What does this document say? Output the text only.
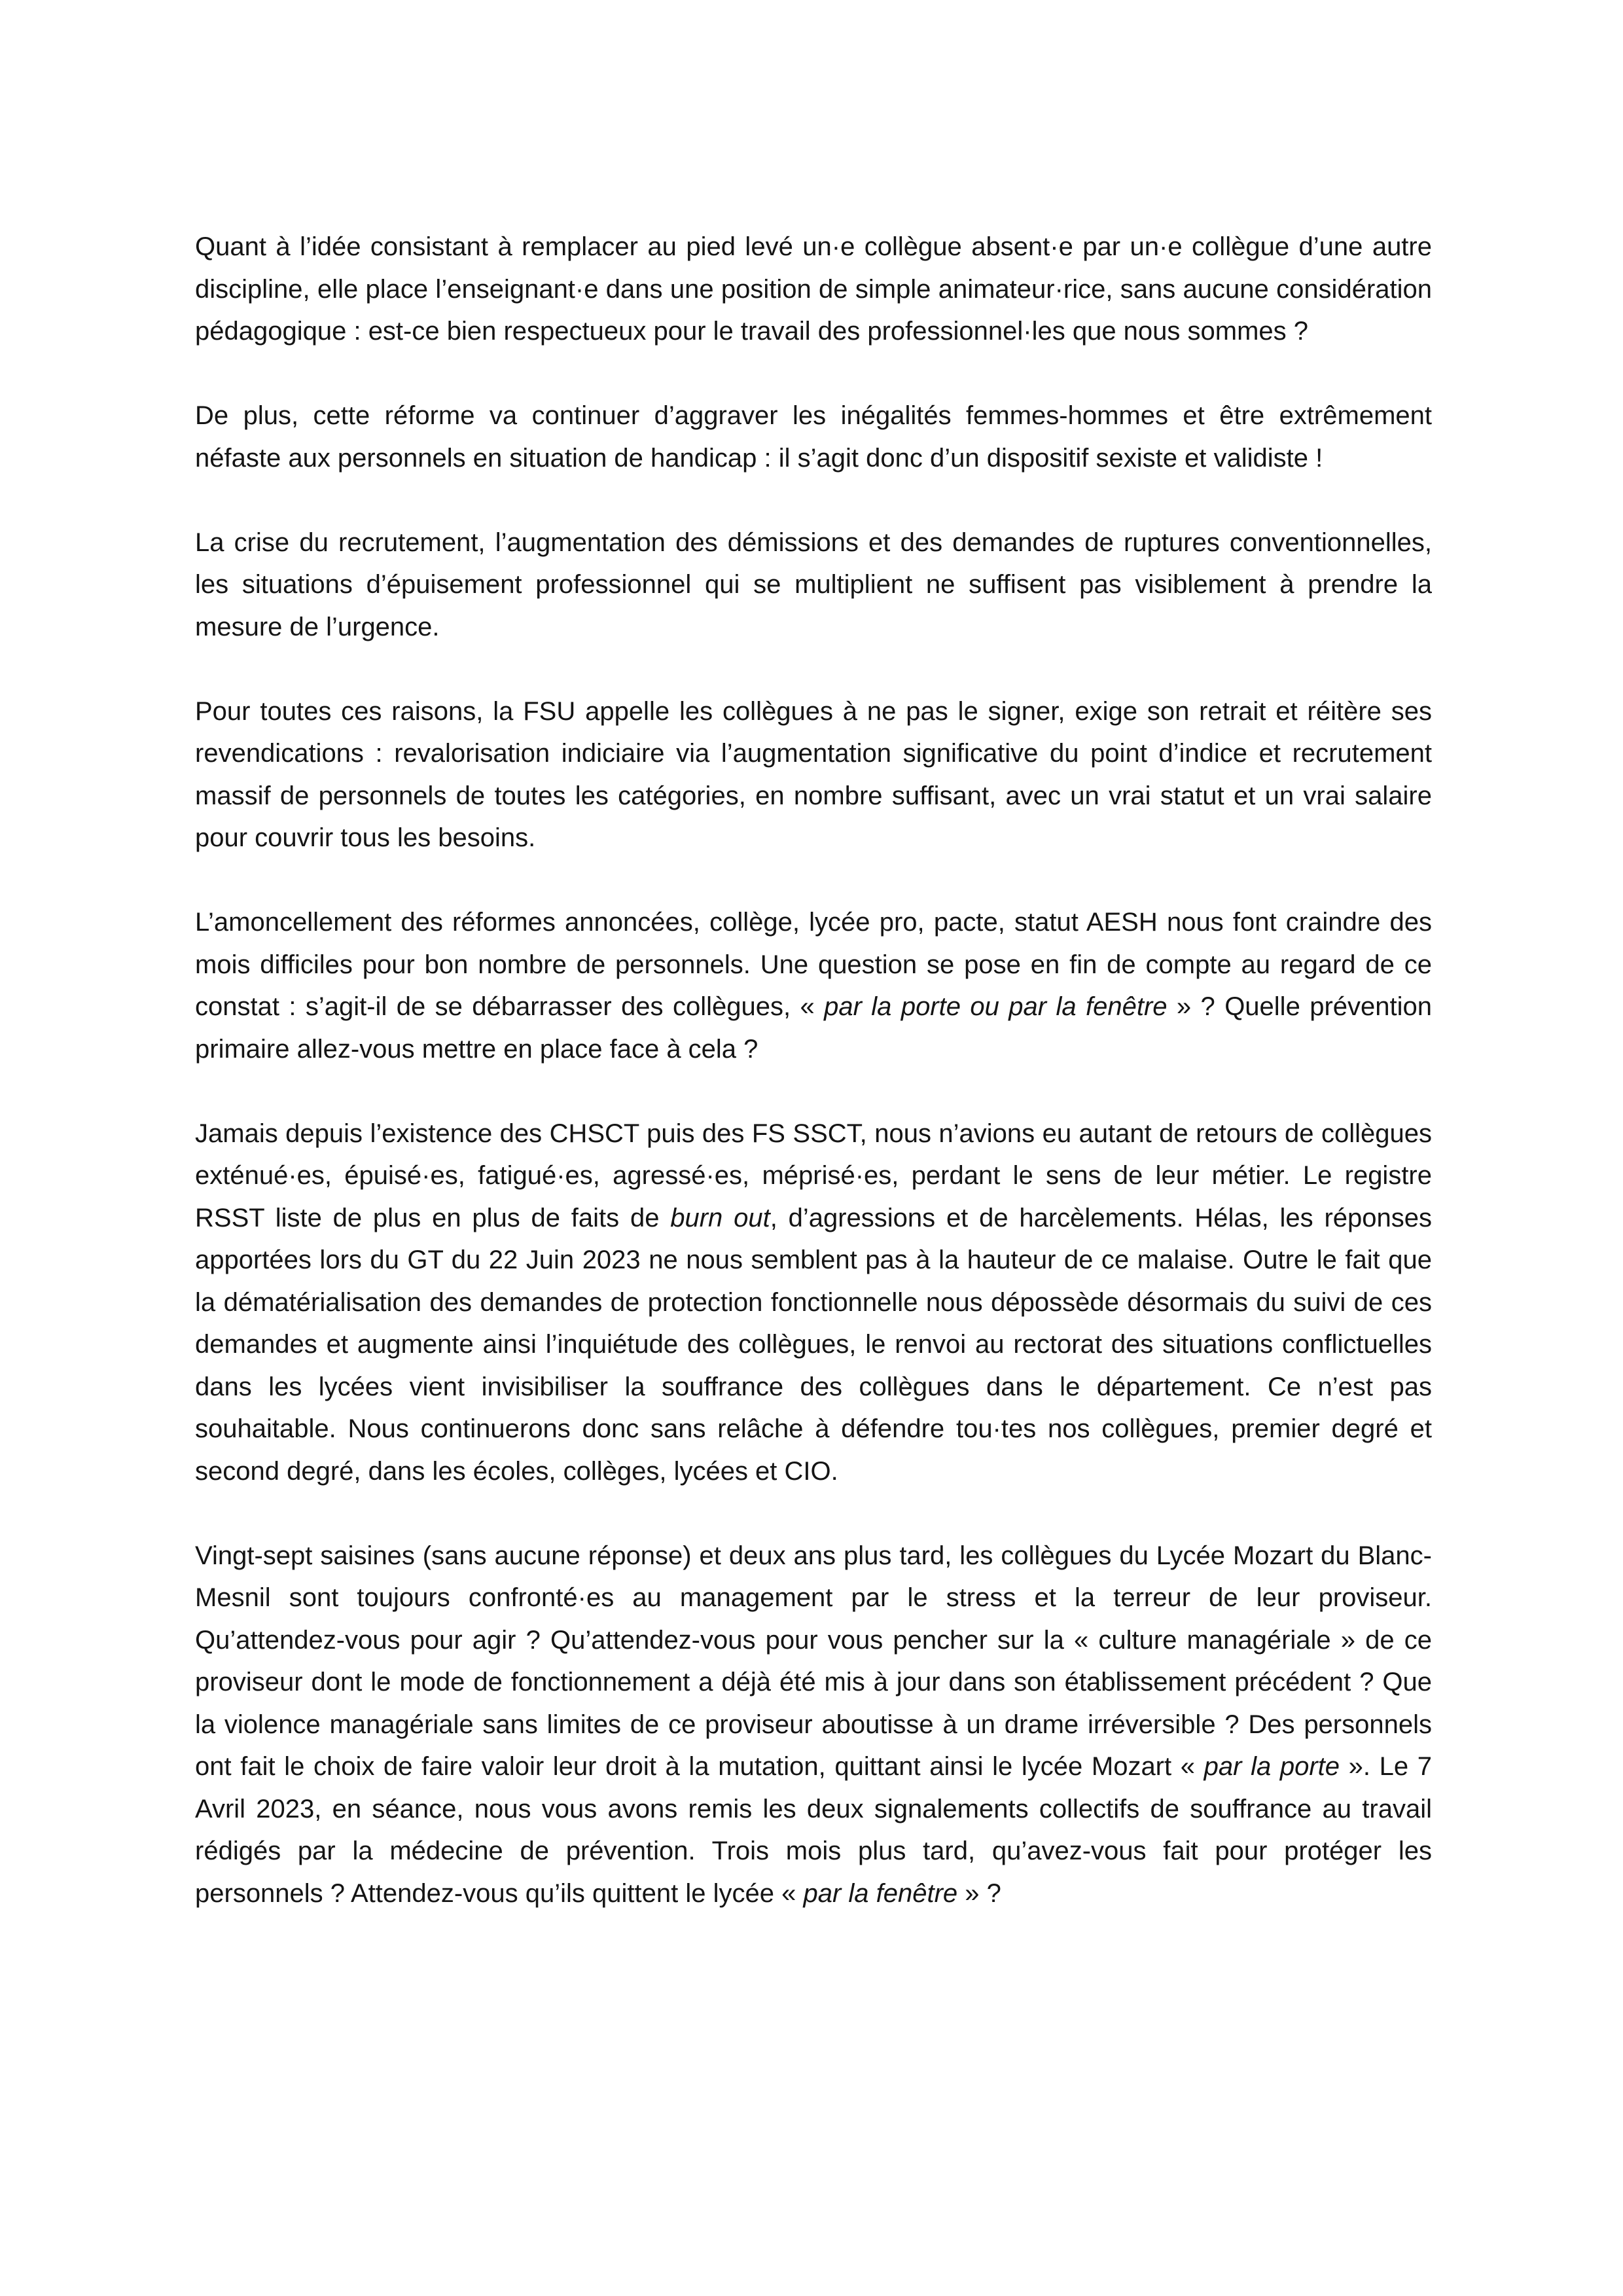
Quant à l’idée consistant à remplacer au pied levé un·e collègue absent·e par un·e collègue d’une autre discipline, elle place l’enseignant·e dans une position de simple animateur·rice, sans aucune considération pédagogique : est-ce bien respectueux pour le travail des professionnel·les que nous sommes ?

De plus, cette réforme va continuer d’aggraver les inégalités femmes-hommes et être extrêmement néfaste aux personnels en situation de handicap : il s’agit donc d’un dispositif sexiste et validiste !

La crise du recrutement, l’augmentation des démissions et des demandes de ruptures conventionnelles, les situations d’épuisement professionnel qui se multiplient ne suffisent pas visiblement à prendre la mesure de l’urgence.

Pour toutes ces raisons, la FSU appelle les collègues à ne pas le signer, exige son retrait et réitère ses revendications : revalorisation indiciaire via l’augmentation significative du point d’indice et recrutement massif de personnels de toutes les catégories, en nombre suffisant, avec un vrai statut et un vrai salaire pour couvrir tous les besoins.

L’amoncellement des réformes annoncées, collège, lycée pro, pacte, statut AESH nous font craindre des mois difficiles pour bon nombre de personnels. Une question se pose en fin de compte au regard de ce constat : s’agit-il de se débarrasser des collègues, « par la porte ou par la fenêtre » ? Quelle prévention primaire allez-vous mettre en place face à cela ?

Jamais depuis l’existence des CHSCT puis des FS SSCT, nous n’avions eu autant de retours de collègues exténué·es, épuisé·es, fatigué·es, agressé·es, méprisé·es, perdant le sens de leur métier. Le registre RSST liste de plus en plus de faits de burn out, d’agressions et de harcèlements. Hélas, les réponses apportées lors du GT du 22 Juin 2023 ne nous semblent pas à la hauteur de ce malaise. Outre le fait que la dématérialisation des demandes de protection fonctionnelle nous dépossède désormais du suivi de ces demandes et augmente ainsi l’inquiétude des collègues, le renvoi au rectorat des situations conflictuelles dans les lycées vient invisibiliser la souffrance des collègues dans le département. Ce n’est pas souhaitable. Nous continuerons donc sans relâche à défendre tou·tes nos collègues, premier degré et second degré, dans les écoles, collèges, lycées et CIO.

Vingt-sept saisines (sans aucune réponse) et deux ans plus tard, les collègues du Lycée Mozart du Blanc-Mesnil sont toujours confronté·es au management par le stress et la terreur de leur proviseur. Qu’attendez-vous pour agir ? Qu’attendez-vous pour vous pencher sur la « culture managériale » de ce proviseur dont le mode de fonctionnement a déjà été mis à jour dans son établissement précédent ? Que la violence managériale sans limites de ce proviseur aboutisse à un drame irréversible ? Des personnels ont fait le choix de faire valoir leur droit à la mutation, quittant ainsi le lycée Mozart « par la porte ». Le 7 Avril 2023, en séance, nous vous avons remis les deux signalements collectifs de souffrance au travail rédigés par la médecine de prévention. Trois mois plus tard, qu’avez-vous fait pour protéger les personnels ? Attendez-vous qu’ils quittent le lycée « par la fenêtre » ?
